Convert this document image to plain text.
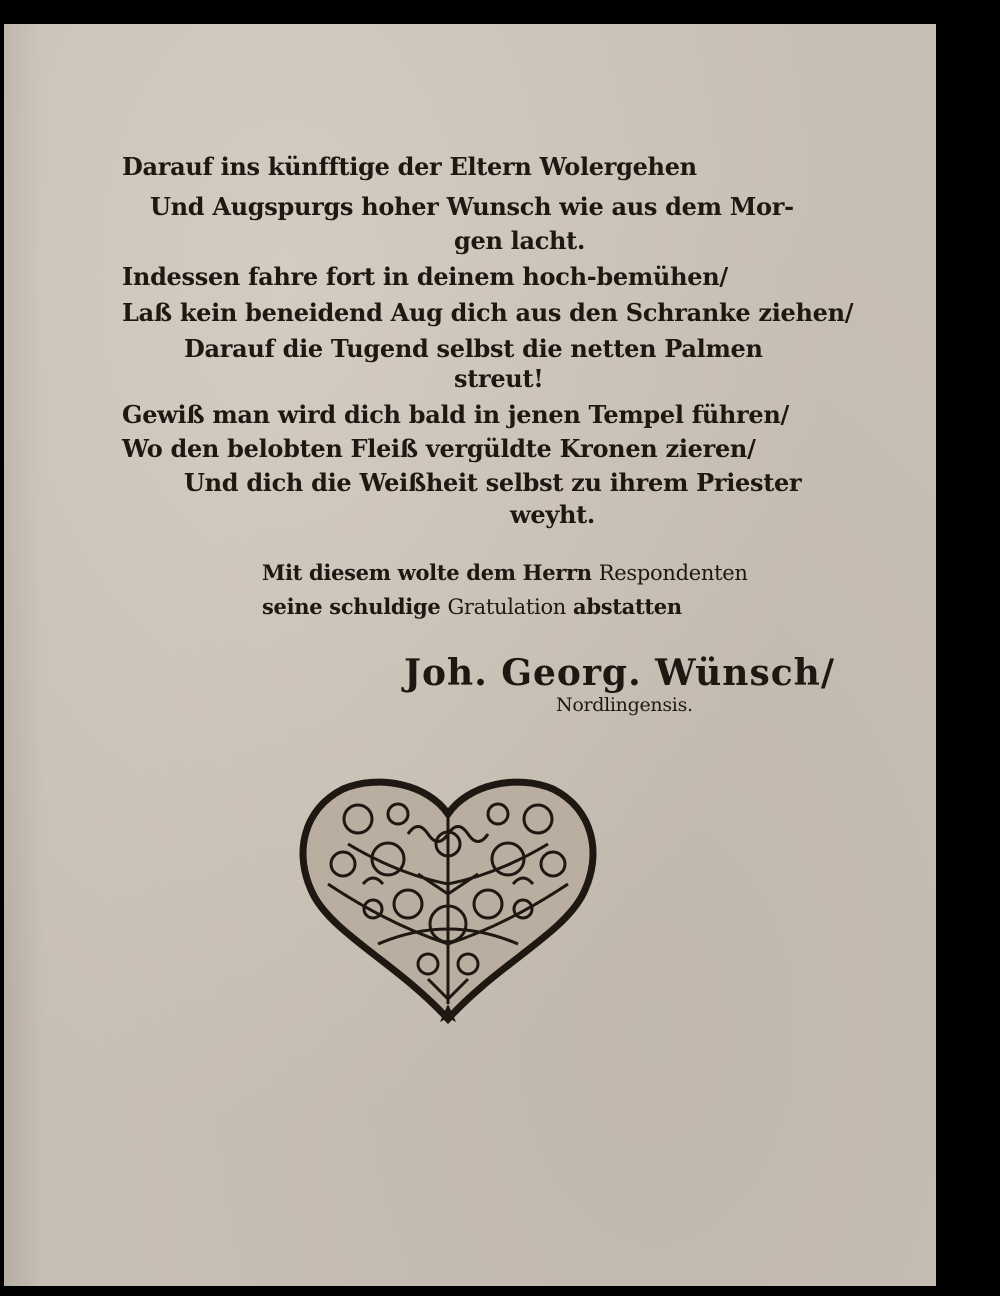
Darauf ins künfftige der Eltern Wolergehen
Und Augspurgs hoher Wunsch wie aus dem Mor-
gen lacht.
Indessen fahre fort in deinem hoch-bemühen/
Laß kein beneidend Aug dich aus den Schranke ziehen/
Darauf die Tugend selbst die netten Palmen
streut!
Gewiß man wird dich bald in jenen Tempel führen/
Wo den belobten Fleiß vergüldte Kronen zieren/
Und dich die Weißheit selbst zu ihrem Priester
weyht.
Mit diesem wolte dem Herrn Respondenten
seine schuldige Gratulation abstatten
Joh. Georg. Wünsch/
Nordlingensis.
